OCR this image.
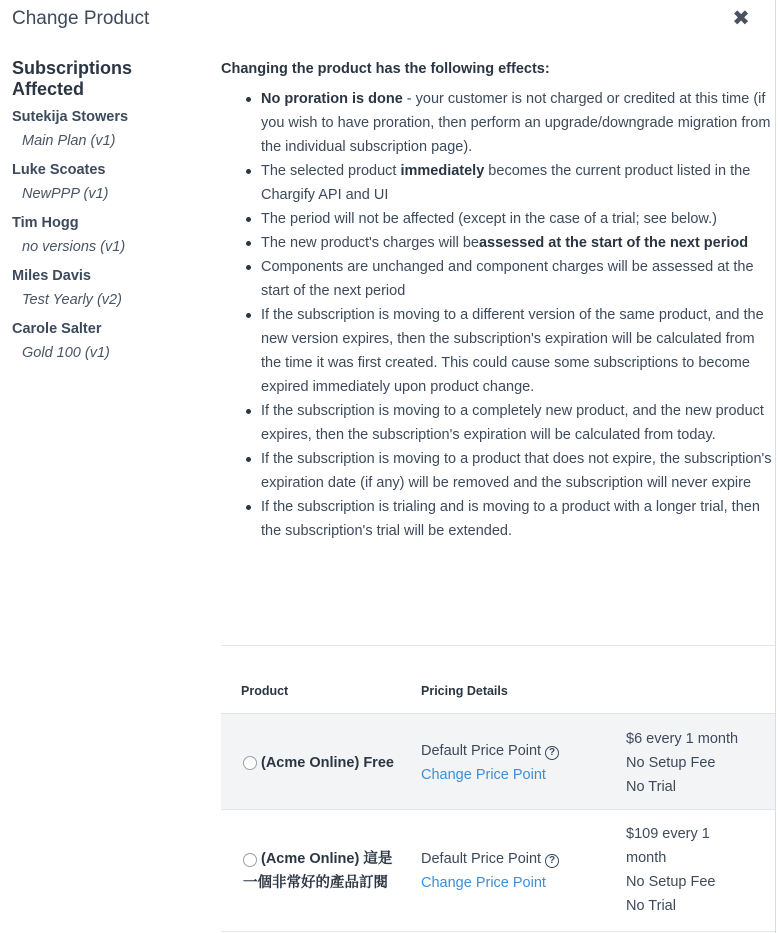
Change Product	✖
Subscriptions Affected
Sutekija Stowers
Main Plan (v1)
Luke Scoates
NewPPP (v1)
Tim Hogg
no versions (v1)
Miles Davis
Test Yearly (v2)
Carole Salter
Gold 100 (v1)
Changing the product has the following effects:
No proration is done - your customer is not charged or credited at this time (if you wish to have proration, then perform an upgrade/downgrade migration from the individual subscription page).
The selected product immediately becomes the current product listed in the Chargify API and UI
The period will not be affected (except in the case of a trial; see below.)
The new product's charges will beassessed at the start of the next period
Components are unchanged and component charges will be assessed at the start of the next period
If the subscription is moving to a different version of the same product, and the new version expires, then the subscription's expiration will be calculated from the time it was first created. This could cause some subscriptions to become expired immediately upon product change.
If the subscription is moving to a completely new product, and the new product expires, then the subscription's expiration will be calculated from today.
If the subscription is moving to a product that does not expire, the subscription's expiration date (if any) will be removed and the subscription will never expire
If the subscription is trialing and is moving to a product with a longer trial, then the subscription's trial will be extended.
Product	Pricing Details
(Acme Online) Free
Default Price Point ?
Change Price Point
$6 every 1 month
No Setup Fee
No Trial
(Acme Online) 這是
一個非常好的產品訂閱
Default Price Point ?
Change Price Point
$109 every 1
month
No Setup Fee
No Trial
